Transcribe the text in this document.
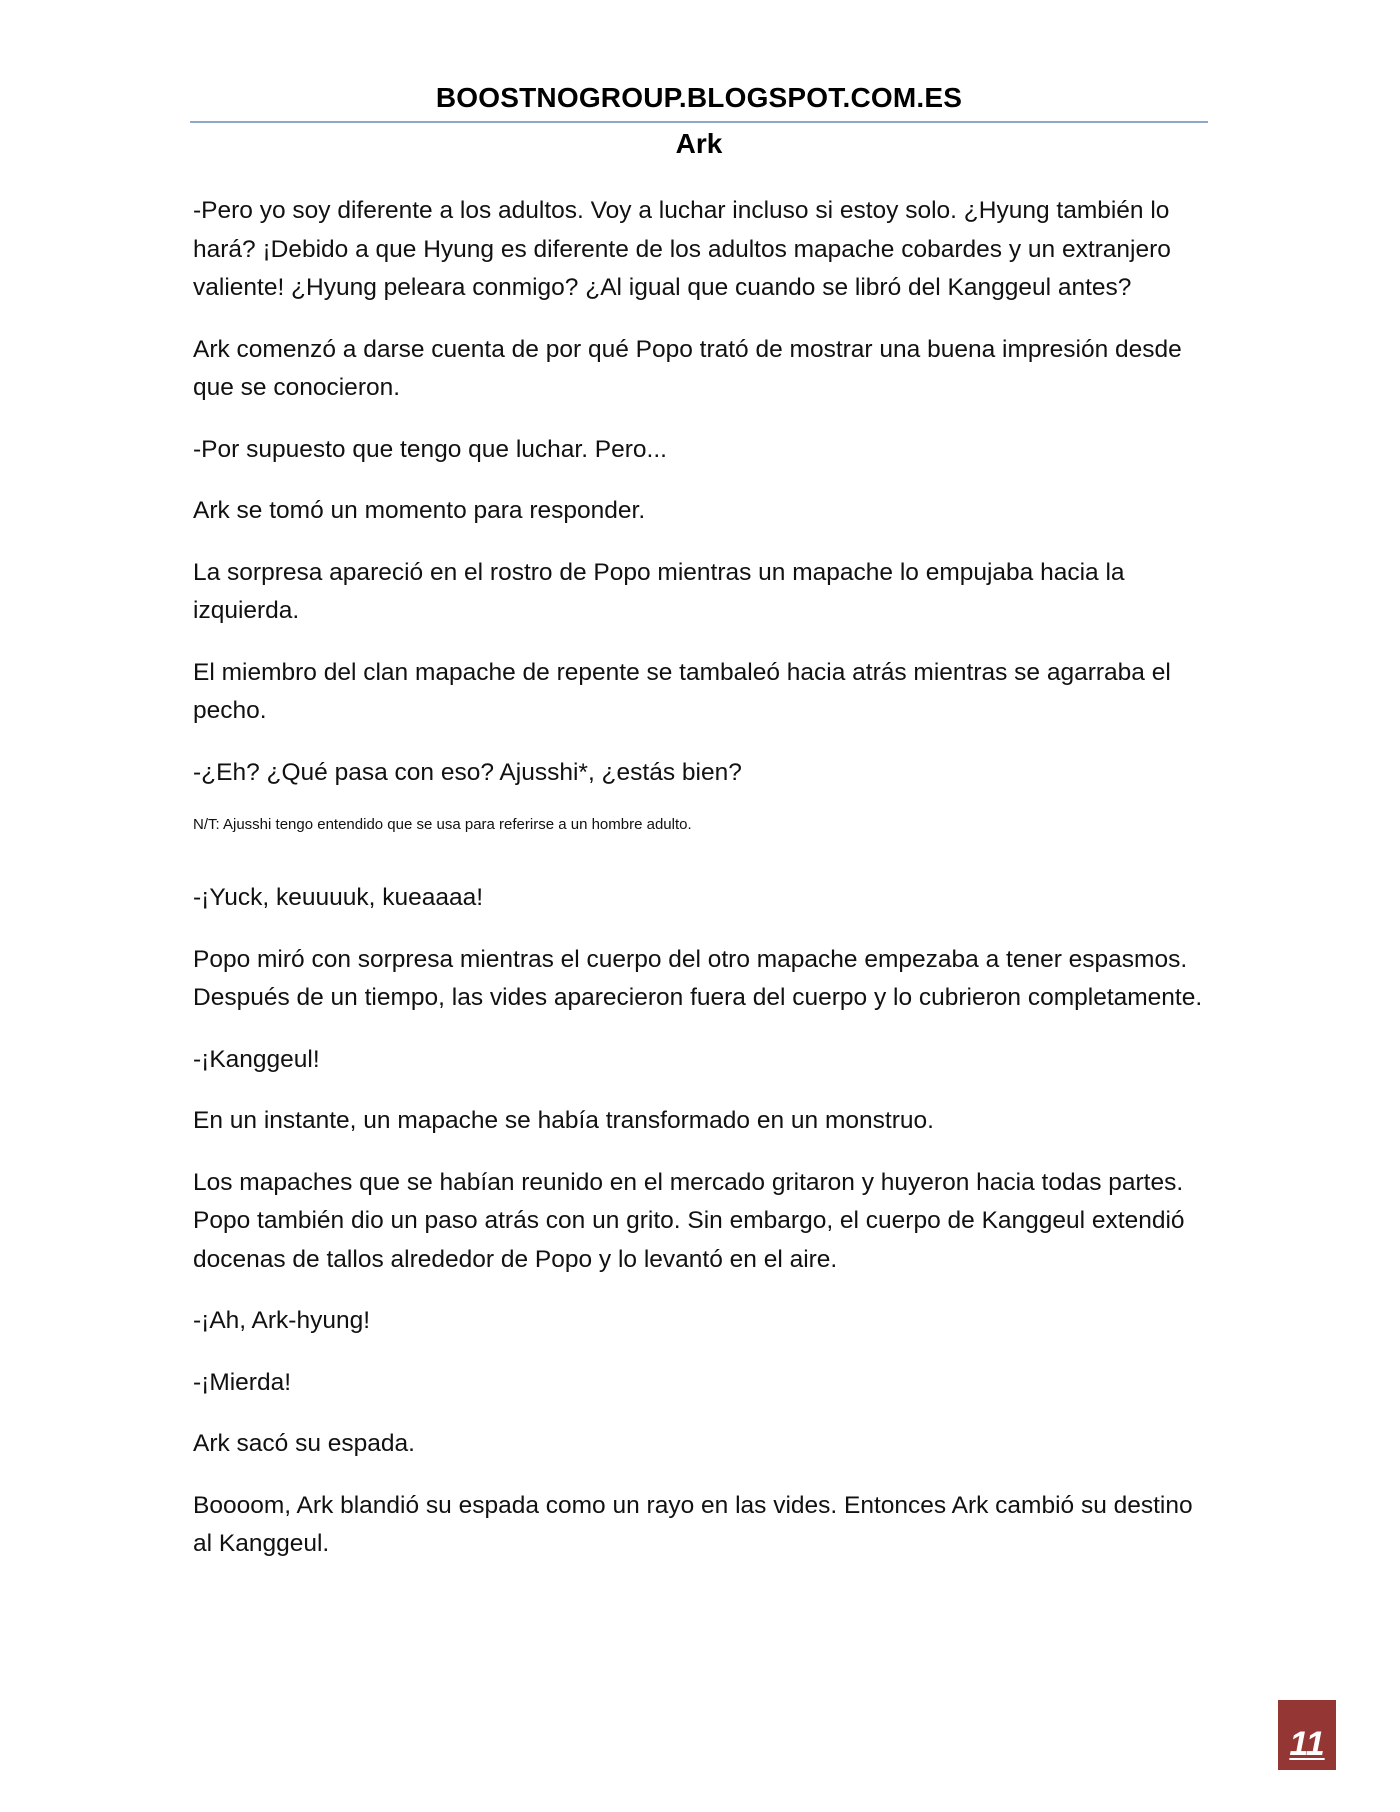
BOOSTNOGROUP.BLOGSPOT.COM.ES
Ark

-Pero yo soy diferente a los adultos. Voy a luchar incluso si estoy solo. ¿Hyung también lo hará? ¡Debido a que Hyung es diferente de los adultos mapache cobardes y un extranjero valiente! ¿Hyung peleara conmigo? ¿Al igual que cuando se libró del Kanggeul antes?

Ark comenzó a darse cuenta de por qué Popo trató de mostrar una buena impresión desde que se conocieron.

-Por supuesto que tengo que luchar. Pero...

Ark se tomó un momento para responder.

La sorpresa apareció en el rostro de Popo mientras un mapache lo empujaba hacia la izquierda.

El miembro del clan mapache de repente se tambaleó hacia atrás mientras se agarraba el pecho.

-¿Eh? ¿Qué pasa con eso? Ajusshi*, ¿estás bien?

N/T: Ajusshi tengo entendido que se usa para referirse a un hombre adulto.

-¡Yuck, keuuuuk, kueaaaa!

Popo miró con sorpresa mientras el cuerpo del otro mapache empezaba a tener espasmos. Después de un tiempo, las vides aparecieron fuera del cuerpo y lo cubrieron completamente.

-¡Kanggeul!

En un instante, un mapache se había transformado en un monstruo.

Los mapaches que se habían reunido en el mercado gritaron y huyeron hacia todas partes. Popo también dio un paso atrás con un grito. Sin embargo, el cuerpo de Kanggeul extendió docenas de tallos alrededor de Popo y lo levantó en el aire.

-¡Ah, Ark-hyung!

-¡Mierda!

Ark sacó su espada.

Boooom, Ark blandió su espada como un rayo en las vides. Entonces Ark cambió su destino al Kanggeul.

11
